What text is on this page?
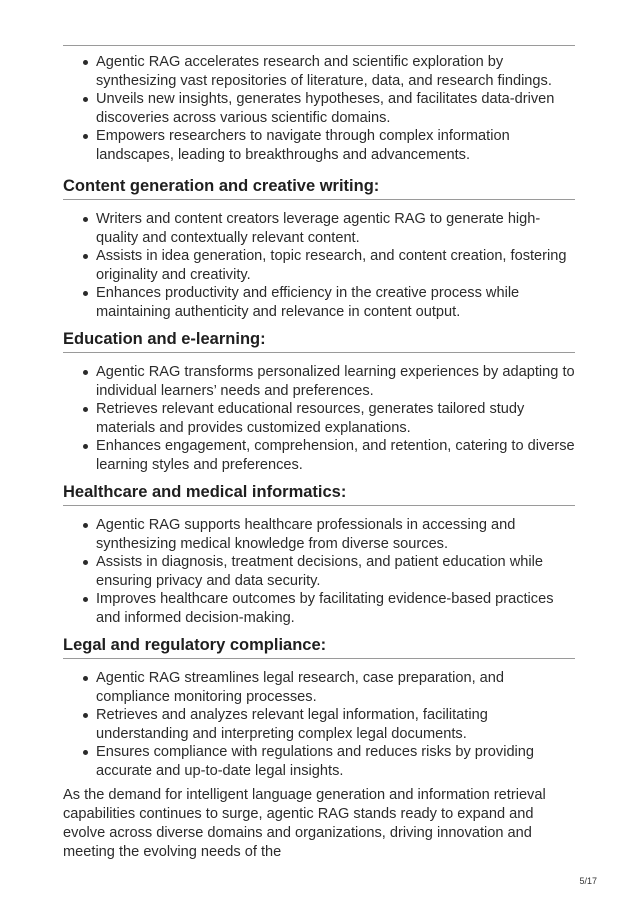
Agentic RAG accelerates research and scientific exploration by synthesizing vast repositories of literature, data, and research findings.
Unveils new insights, generates hypotheses, and facilitates data-driven discoveries across various scientific domains.
Empowers researchers to navigate through complex information landscapes, leading to breakthroughs and advancements.
Content generation and creative writing:
Writers and content creators leverage agentic RAG to generate high-quality and contextually relevant content.
Assists in idea generation, topic research, and content creation, fostering originality and creativity.
Enhances productivity and efficiency in the creative process while maintaining authenticity and relevance in content output.
Education and e-learning:
Agentic RAG transforms personalized learning experiences by adapting to individual learners’ needs and preferences.
Retrieves relevant educational resources, generates tailored study materials and provides customized explanations.
Enhances engagement, comprehension, and retention, catering to diverse learning styles and preferences.
Healthcare and medical informatics:
Agentic RAG supports healthcare professionals in accessing and synthesizing medical knowledge from diverse sources.
Assists in diagnosis, treatment decisions, and patient education while ensuring privacy and data security.
Improves healthcare outcomes by facilitating evidence-based practices and informed decision-making.
Legal and regulatory compliance:
Agentic RAG streamlines legal research, case preparation, and compliance monitoring processes.
Retrieves and analyzes relevant legal information, facilitating understanding and interpreting complex legal documents.
Ensures compliance with regulations and reduces risks by providing accurate and up-to-date legal insights.

As the demand for intelligent language generation and information retrieval capabilities continues to surge, agentic RAG stands ready to expand and evolve across diverse domains and organizations, driving innovation and meeting the evolving needs of the

5/17
